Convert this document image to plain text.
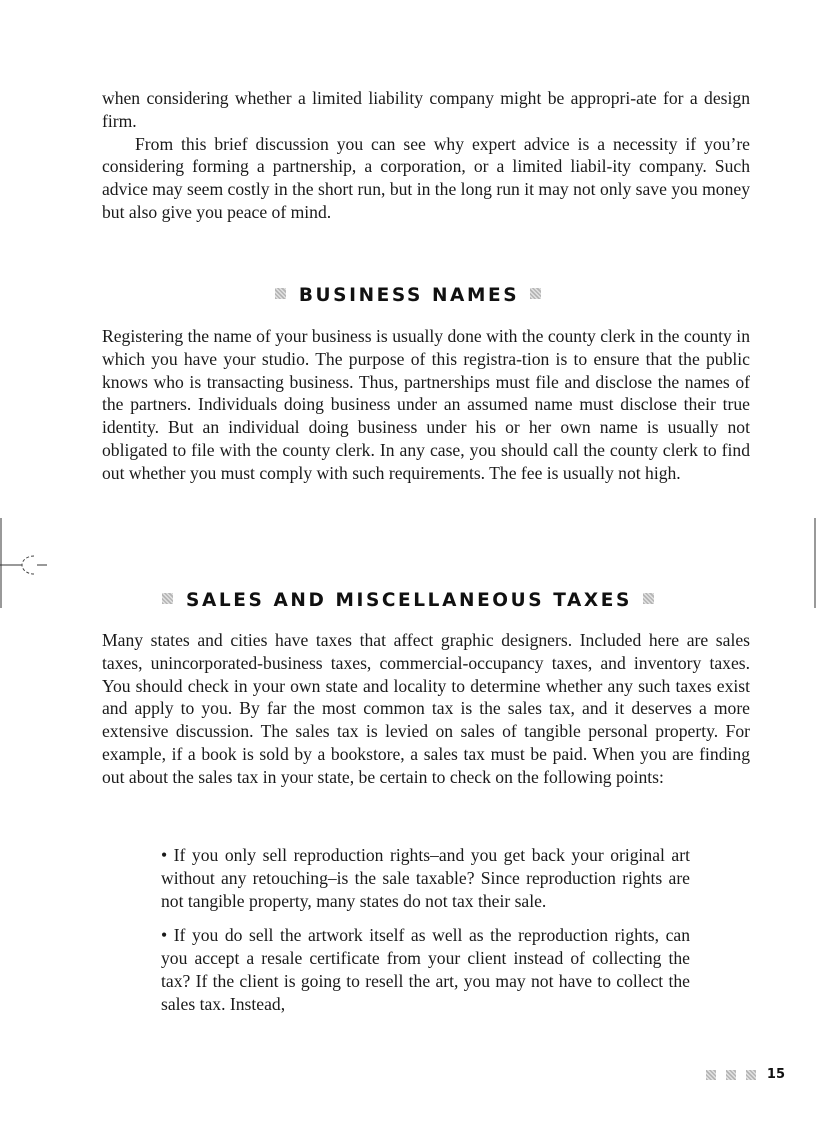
when considering whether a limited liability company might be appropri-ate for a design firm.

From this brief discussion you can see why expert advice is a necessity if you’re considering forming a partnership, a corporation, or a limited liabil-ity company. Such advice may seem costly in the short run, but in the long run it may not only save you money but also give you peace of mind.

BUSINESS NAMES

Registering the name of your business is usually done with the county clerk in the county in which you have your studio. The purpose of this registra-tion is to ensure that the public knows who is transacting business. Thus, partnerships must file and disclose the names of the partners. Individuals doing business under an assumed name must disclose their true identity. But an individual doing business under his or her own name is usually not obligated to file with the county clerk. In any case, you should call the county clerk to find out whether you must comply with such requirements. The fee is usually not high.

SALES AND MISCELLANEOUS TAXES

Many states and cities have taxes that affect graphic designers. Included here are sales taxes, unincorporated-business taxes, commercial-occupancy taxes, and inventory taxes. You should check in your own state and locality to determine whether any such taxes exist and apply to you. By far the most common tax is the sales tax, and it deserves a more extensive discussion. The sales tax is levied on sales of tangible personal property. For example, if a book is sold by a bookstore, a sales tax must be paid. When you are finding out about the sales tax in your state, be certain to check on the following points:

• If you only sell reproduction rights–and you get back your original art without any retouching–is the sale taxable? Since reproduction rights are not tangible property, many states do not tax their sale.

• If you do sell the artwork itself as well as the reproduction rights, can you accept a resale certificate from your client instead of collecting the tax? If the client is going to resell the art, you may not have to collect the sales tax. Instead,

15
